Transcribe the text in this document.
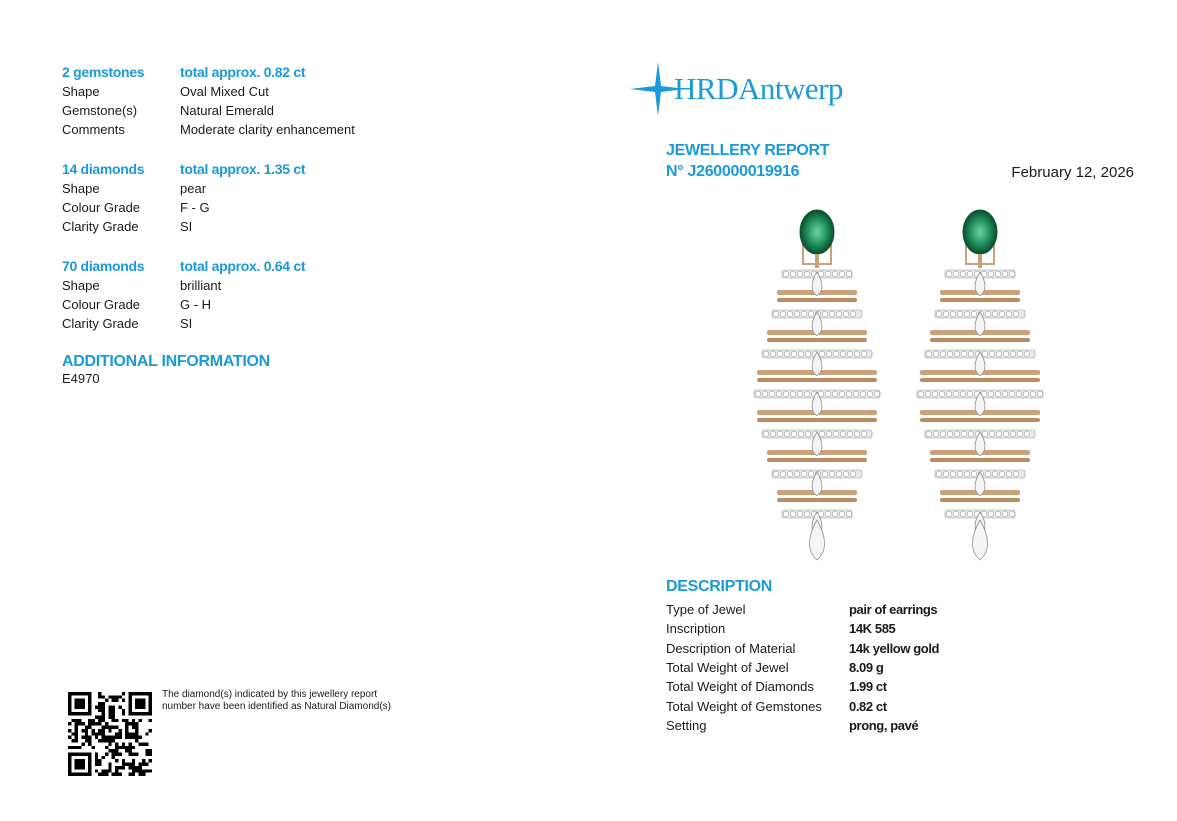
2 gemstones	total approx. 0.82 ct
Shape	Oval Mixed Cut
Gemstone(s)	Natural Emerald
Comments	Moderate clarity enhancement
14 diamonds	total approx. 1.35 ct
Shape	pear
Colour Grade	F - G
Clarity Grade	SI
70 diamonds	total approx. 0.64 ct
Shape	brilliant
Colour Grade	G - H
Clarity Grade	SI
ADDITIONAL INFORMATION
E4970
The diamond(s) indicated by this jewellery report number have been identified as Natural Diamond(s)
HRDAntwerp
JEWELLERY REPORT
N° J260000019916	February 12, 2026
DESCRIPTION
Type of Jewel	pair of earrings
Inscription	14K 585
Description of Material	14k yellow gold
Total Weight of Jewel	8.09 g
Total Weight of Diamonds	1.99 ct
Total Weight of Gemstones	0.82 ct
Setting	prong, pavé
